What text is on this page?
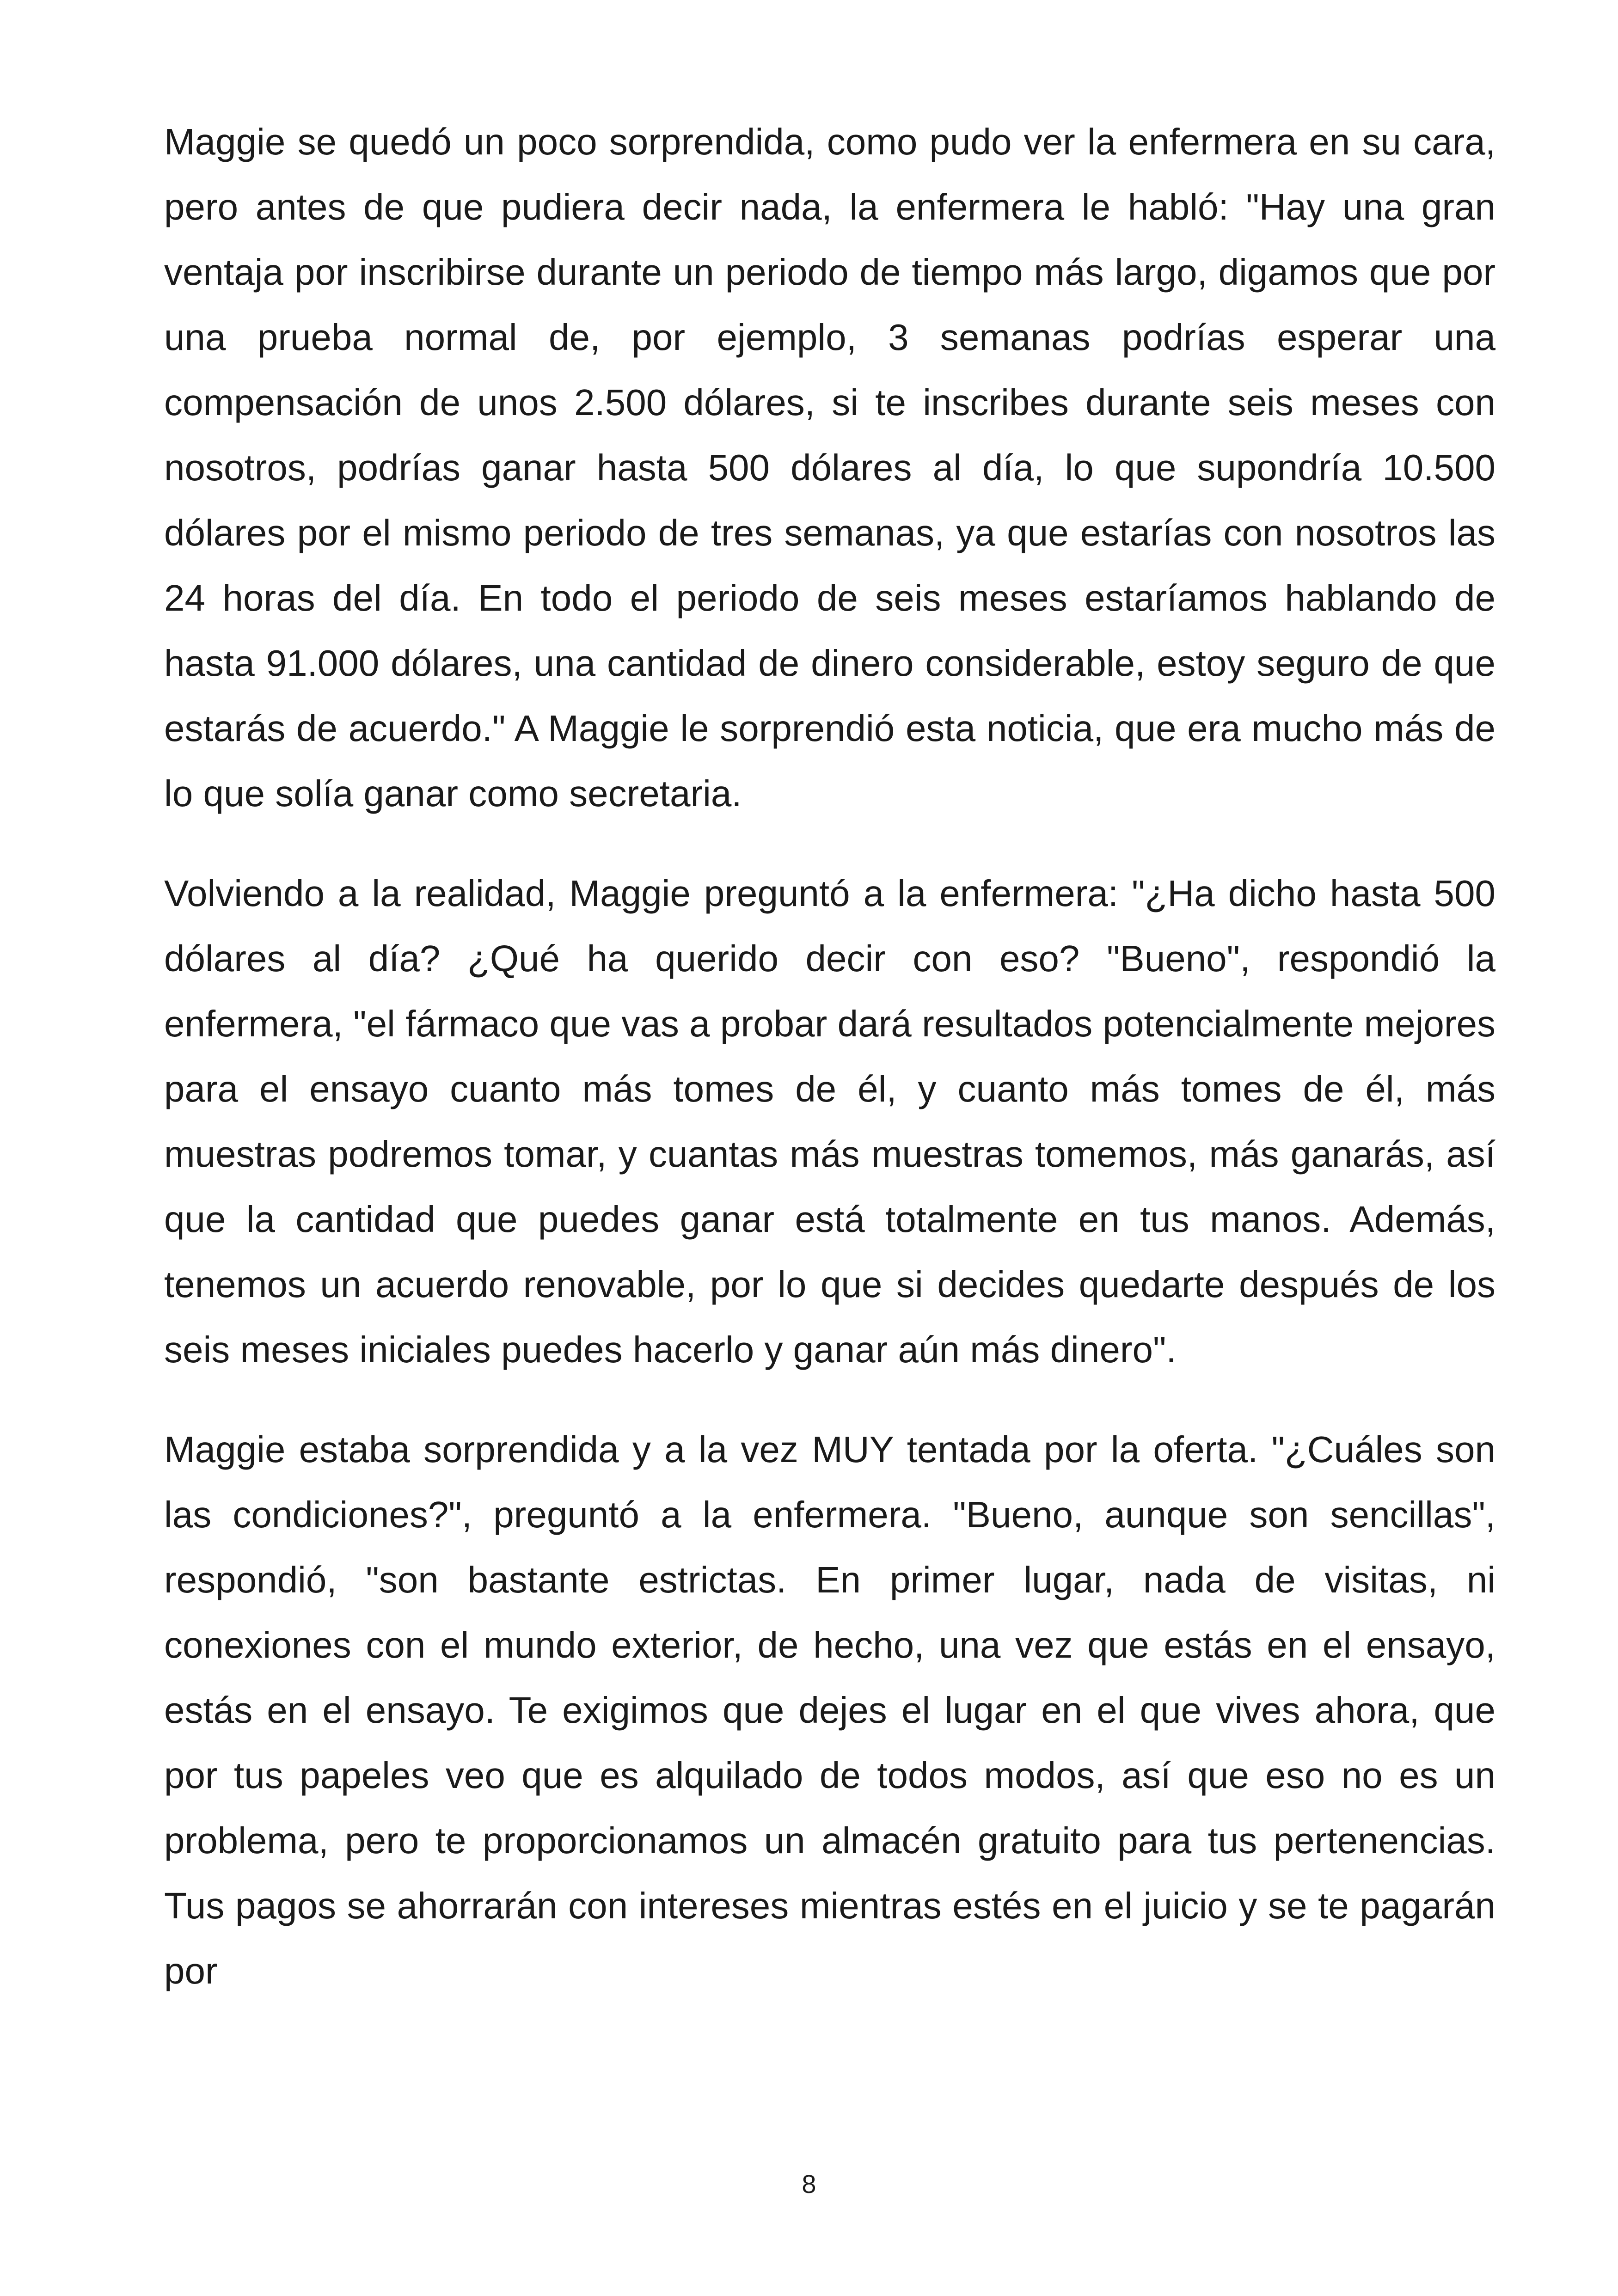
Maggie se quedó un poco sorprendida, como pudo ver la enfermera en su cara, pero antes de que pudiera decir nada, la enfermera le habló: "Hay una gran ventaja por inscribirse durante un periodo de tiempo más largo, digamos que por una prueba normal de, por ejemplo, 3 semanas podrías esperar una compensación de unos 2.500 dólares, si te inscribes durante seis meses con nosotros, podrías ganar hasta 500 dólares al día, lo que supondría 10.500 dólares por el mismo periodo de tres semanas, ya que estarías con nosotros las 24 horas del día. En todo el periodo de seis meses estaríamos hablando de hasta 91.000 dólares, una cantidad de dinero considerable, estoy seguro de que estarás de acuerdo." A Maggie le sorprendió esta noticia, que era mucho más de lo que solía ganar como secretaria.

Volviendo a la realidad, Maggie preguntó a la enfermera: "¿Ha dicho hasta 500 dólares al día? ¿Qué ha querido decir con eso? "Bueno", respondió la enfermera, "el fármaco que vas a probar dará resultados potencialmente mejores para el ensayo cuanto más tomes de él, y cuanto más tomes de él, más muestras podremos tomar, y cuantas más muestras tomemos, más ganarás, así que la cantidad que puedes ganar está totalmente en tus manos. Además, tenemos un acuerdo renovable, por lo que si decides quedarte después de los seis meses iniciales puedes hacerlo y ganar aún más dinero".

Maggie estaba sorprendida y a la vez MUY tentada por la oferta. "¿Cuáles son las condiciones?", preguntó a la enfermera. "Bueno, aunque son sencillas", respondió, "son bastante estrictas. En primer lugar, nada de visitas, ni conexiones con el mundo exterior, de hecho, una vez que estás en el ensayo, estás en el ensayo. Te exigimos que dejes el lugar en el que vives ahora, que por tus papeles veo que es alquilado de todos modos, así que eso no es un problema, pero te proporcionamos un almacén gratuito para tus pertenencias. Tus pagos se ahorrarán con intereses mientras estés en el juicio y se te pagarán por

8
